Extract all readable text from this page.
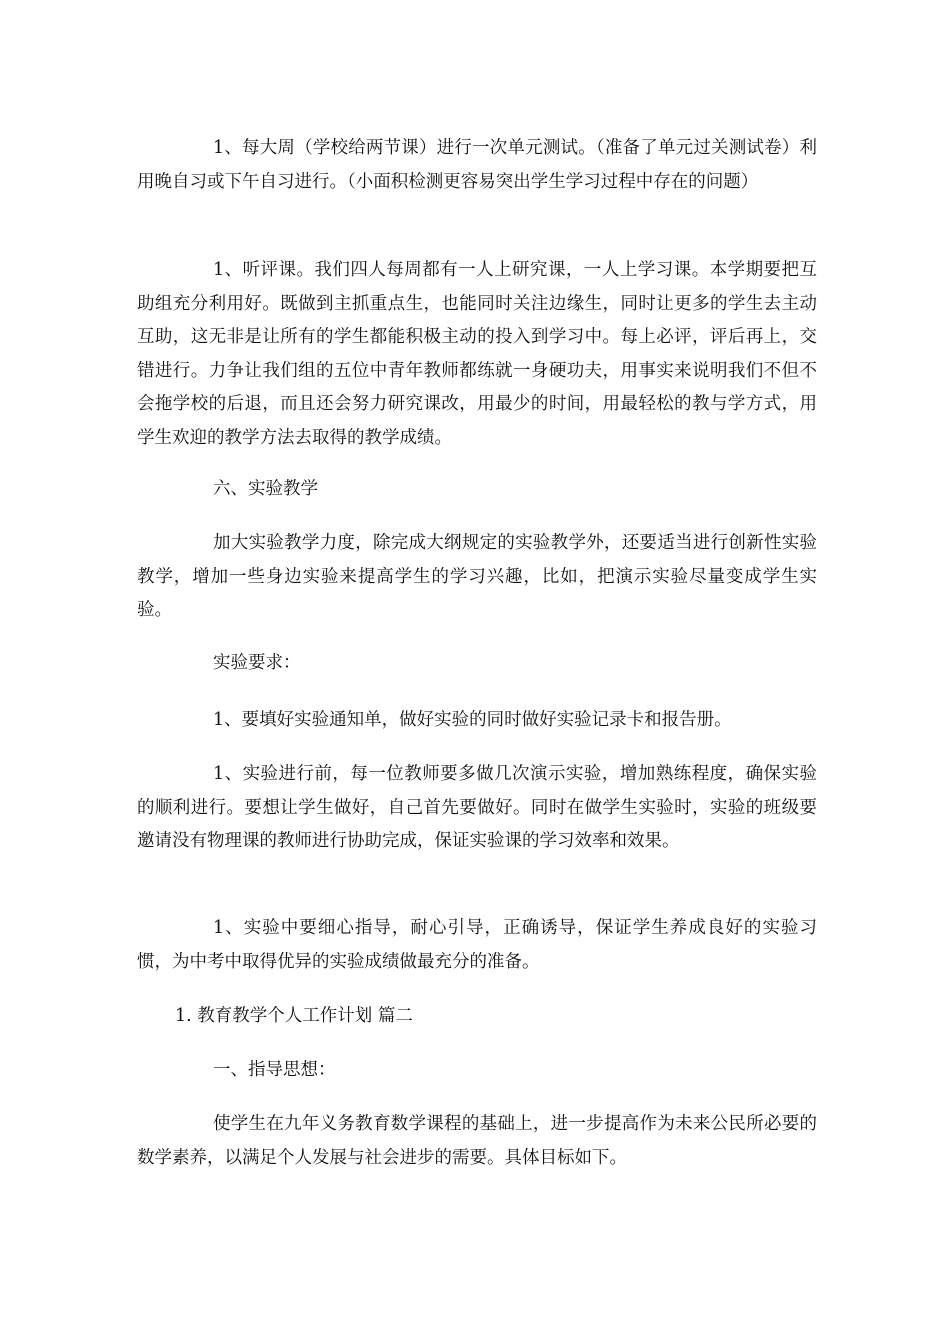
1、每大周（学校给两节课）进行一次单元测试。（准备了单元过关测试卷）利用晚自习或下午自习进行。（小面积检测更容易突出学生学习过程中存在的问题）

1、听评课。我们四人每周都有一人上研究课，一人上学习课。本学期要把互助组充分利用好。既做到主抓重点生，也能同时关注边缘生，同时让更多的学生去主动互助，这无非是让所有的学生都能积极主动的投入到学习中。每上必评，评后再上，交错进行。力争让我们组的五位中青年教师都练就一身硬功夫，用事实来说明我们不但不会拖学校的后退，而且还会努力研究课改，用最少的时间，用最轻松的教与学方式，用学生欢迎的教学方法去取得的教学成绩。

六、实验教学

加大实验教学力度，除完成大纲规定的实验教学外，还要适当进行创新性实验教学，增加一些身边实验来提高学生的学习兴趣，比如，把演示实验尽量变成学生实验。

实验要求：

1、要填好实验通知单，做好实验的同时做好实验记录卡和报告册。

1、实验进行前，每一位教师要多做几次演示实验，增加熟练程度，确保实验的顺利进行。要想让学生做好，自己首先要做好。同时在做学生实验时，实验的班级要邀请没有物理课的教师进行协助完成，保证实验课的学习效率和效果。

1、实验中要细心指导，耐心引导，正确诱导，保证学生养成良好的实验习惯，为中考中取得优异的实验成绩做最充分的准备。

1. 教育教学个人工作计划 篇二

一、指导思想：

使学生在九年义务教育数学课程的基础上，进一步提高作为未来公民所必要的数学素养，以满足个人发展与社会进步的需要。具体目标如下。
